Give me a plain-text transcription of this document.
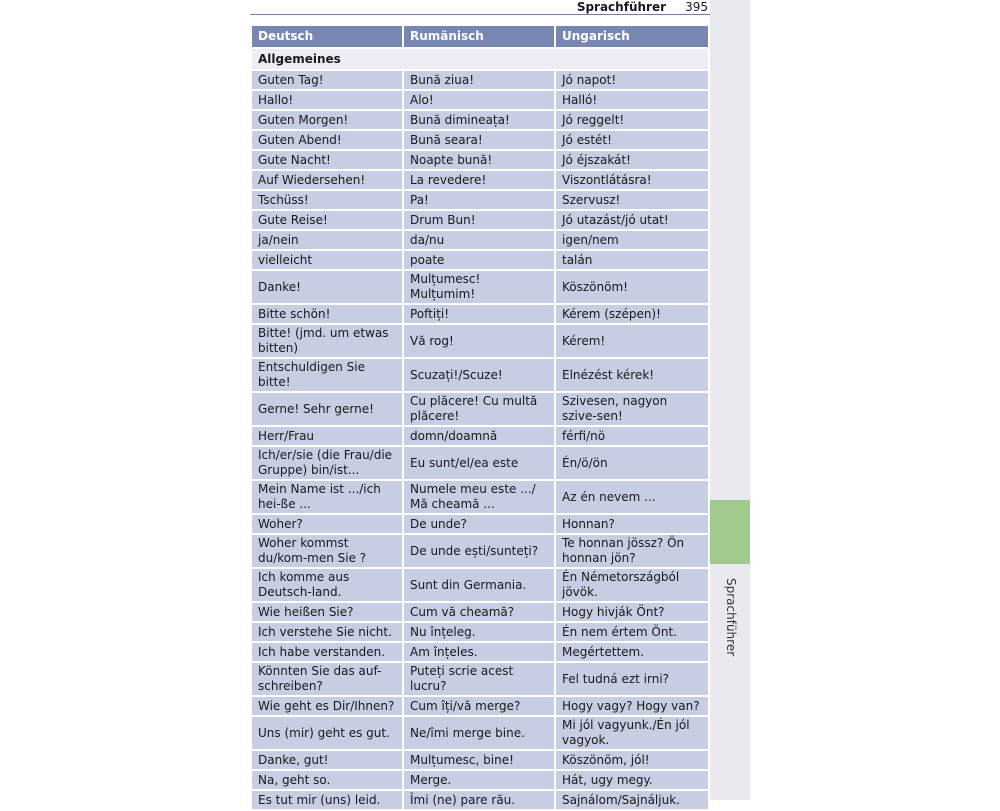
Sprachführer 395
Deutsch	Rumänisch	Ungarisch
Allgemeines		
Guten Tag!	Bună ziua!	Jó napot!
Hallo!	Alo!	Halló!
Guten Morgen!	Bună dimineața!	Jó reggelt!
Guten Abend!	Bună seara!	Jó estét!
Gute Nacht!	Noapte bună!	Jó éjszakát!
Auf Wiedersehen!	La revedere!	Viszontlátásra!
Tschüss!	Pa!	Szervusz!
Gute Reise!	Drum Bun!	Jó utazást/jó utat!
ja/nein	da/nu	igen/nem
vielleicht	poate	talán
Danke!	Mulțumesc! Mulțumim!	Köszönöm!
Bitte schön!	Poftiți!	Kérem (szépen)!
Bitte! (jmd. um etwas bitten)	Vă rog!	Kérem!
Entschuldigen Sie bitte!	Scuzați!/Scuze!	Elnézést kérek!
Gerne! Sehr gerne!	Cu plăcere! Cu multă plăcere!	Szivesen, nagyon szive-sen!
Herr/Frau	domn/doamnă	férfi/nö
Ich/er/sie (die Frau/die Gruppe) bin/ist...	Eu sunt/el/ea este	Én/ö/ön
Mein Name ist .../ich hei-ße ...	Numele meu este .../ Mă cheamă ...	Az én nevem ...
Woher?	De unde?	Honnan?
Woher kommst du/kom-men Sie ?	De unde ești/sunteți?	Te honnan jössz? Ön honnan jön?
Ich komme aus Deutsch-land.	Sunt din Germania.	Én Németországból jövök.
Wie heißen Sie?	Cum vă cheamă?	Hogy hivják Önt?
Ich verstehe Sie nicht.	Nu înțeleg.	Én nem értem Önt.
Ich habe verstanden.	Am înțeles.	Megértettem.
Könnten Sie das auf-schreiben?	Puteți scrie acest lucru?	Fel tudná ezt irni?
Wie geht es Dir/Ihnen?	Cum îți/vă merge?	Hogy vagy? Hogy van?
Uns (mir) geht es gut.	Ne/îmi merge bine.	Mi jól vagyunk./Én jól vagyok.
Danke, gut!	Mulțumesc, bine!	Köszönöm, jól!
Na, geht so.	Merge.	Hát, ugy megy.
Es tut mir (uns) leid.	Îmi (ne) pare rău.	Sajnálom/Sajnáljuk.
Sprachführer
